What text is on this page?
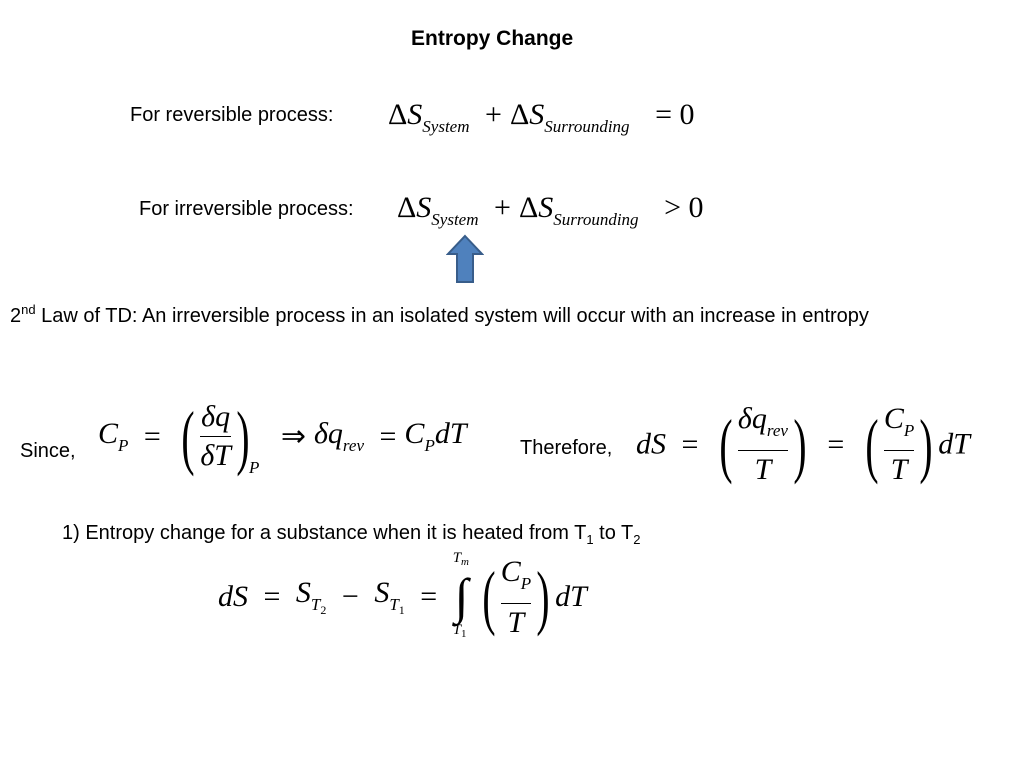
Entropy Change
For reversible process: $\Delta S_{System} + \Delta S_{Surrounding} = 0$
For irreversible process: $\Delta S_{System} + \Delta S_{Surrounding} > 0$
2nd Law of TD: An irreversible process in an isolated system will occur with an increase in entropy
Since,
$C_P$ = ( $\frac{\delta q}{\delta T} )_P$ ⇒ $\delta q_{rev} = C_PdT$	Therefore, dS = ( $\frac{\delta q_{rev}}{T}$ ) = ( $\frac{C_P}{T}$ ) dT
1) Entropy change for a substance when it is heated from $T_1$ to $T_2$
dS = $S_{T_2} - S_{T_1}$ =
$T_m$
∫
$T_1$ ( $\frac{C_P}{T}$ ) dT
